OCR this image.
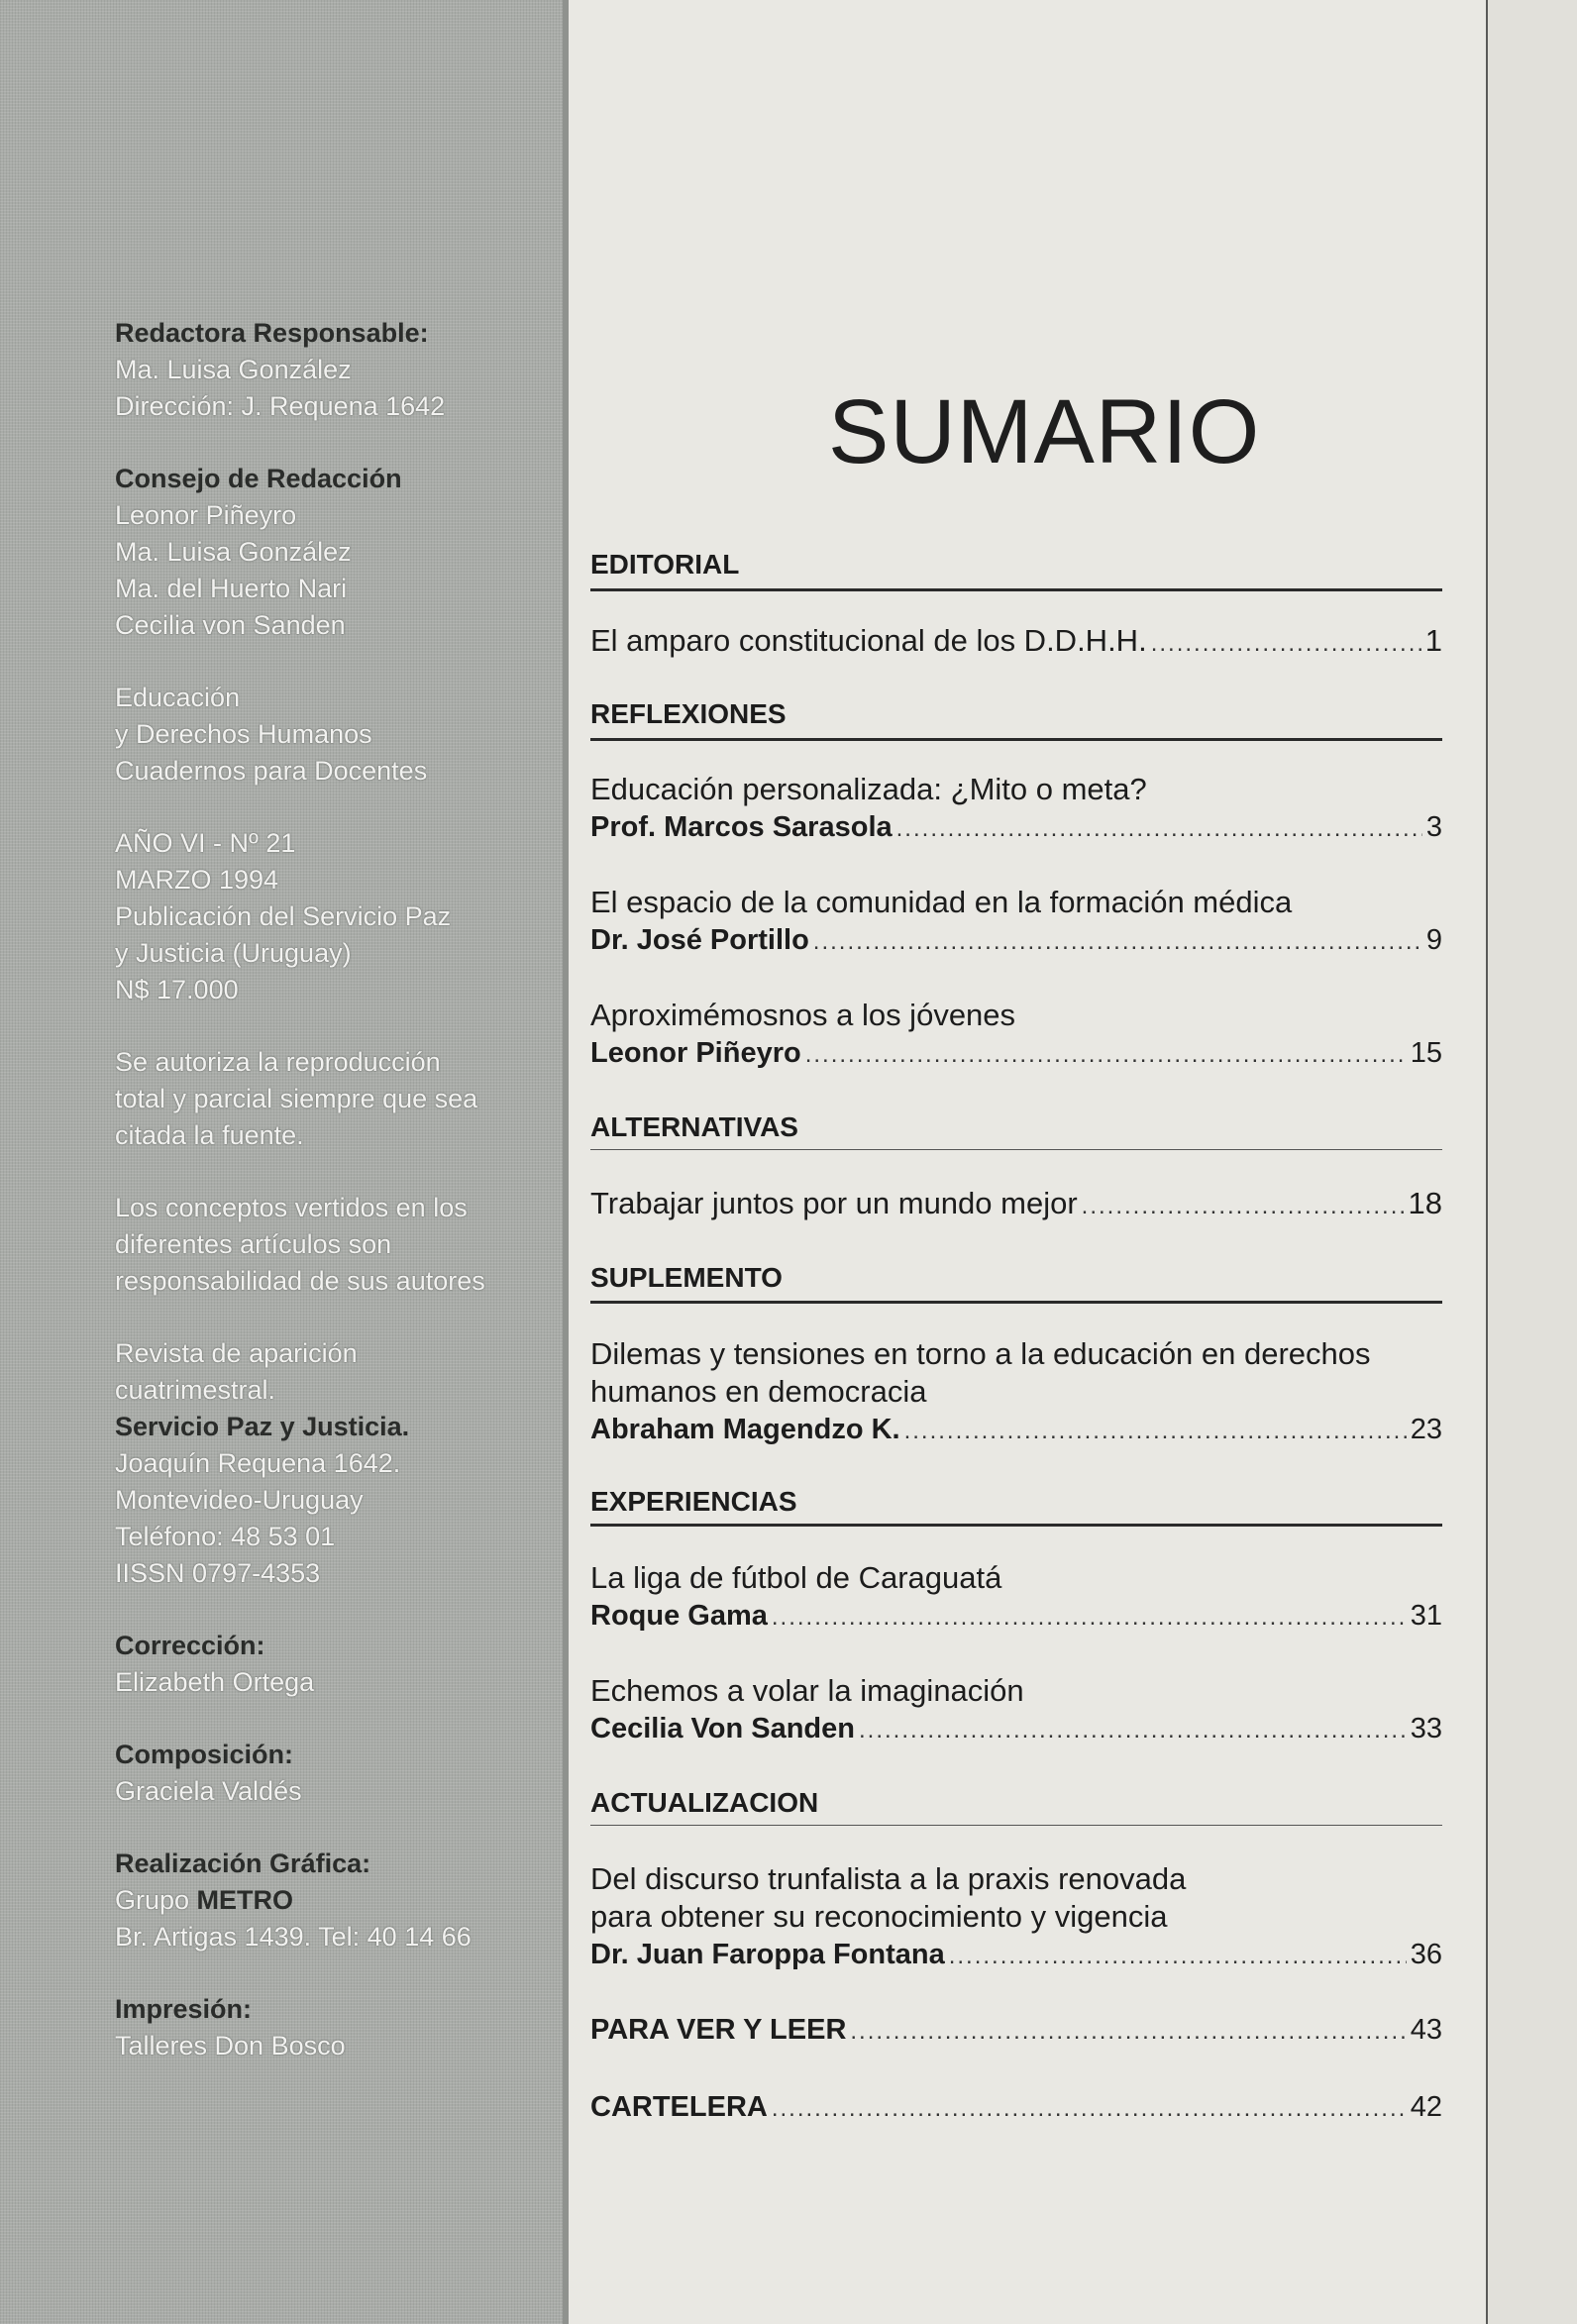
Redactora Responsable:
Ma. Luisa González
Dirección: J. Requena 1642
Consejo de Redacción
Leonor Piñeyro
Ma. Luisa González
Ma. del Huerto Nari
Cecilia von Sanden
Educación
y Derechos Humanos
Cuadernos para Docentes
AÑO VI - Nº 21
MARZO 1994
Publicación del Servicio Paz
y Justicia (Uruguay)
N$ 17.000
Se autoriza la reproducción
total y parcial siempre que sea
citada la fuente.
Los conceptos vertidos en los
diferentes artículos son
responsabilidad de sus autores
Revista de aparición
cuatrimestral.
Servicio Paz y Justicia.
Joaquín Requena 1642.
Montevideo-Uruguay
Teléfono: 48 53 01
IISSN 0797-4353
Corrección:
Elizabeth Ortega
Composición:
Graciela Valdés
Realización Gráfica:
Grupo METRO
Br. Artigas 1439. Tel: 40 14 66
Impresión:
Talleres Don Bosco
SUMARIO
EDITORIAL
El amparo constitucional de los D.D.H.H. .....	1
REFLEXIONES
Educación personalizada: ¿Mito o meta?
Prof. Marcos Sarasola .....	3
El espacio de la comunidad en la formación médica
Dr. José Portillo .....	9
Aproximémosnos a los jóvenes
Leonor Piñeyro .....	15
ALTERNATIVAS
Trabajar juntos por un mundo mejor .....	18
SUPLEMENTO
Dilemas y tensiones en torno a la educación en derechos
humanos en democracia
Abraham Magendzo K. .....	23
EXPERIENCIAS
La liga de fútbol de Caraguatá
Roque Gama .....	31
Echemos a volar la imaginación
Cecilia Von Sanden .....	33
ACTUALIZACION
Del discurso trunfalista a la praxis renovada
para obtener su reconocimiento y vigencia
Dr. Juan Faroppa Fontana .....	36
PARA VER Y LEER .....	43
CARTELERA .....	42
